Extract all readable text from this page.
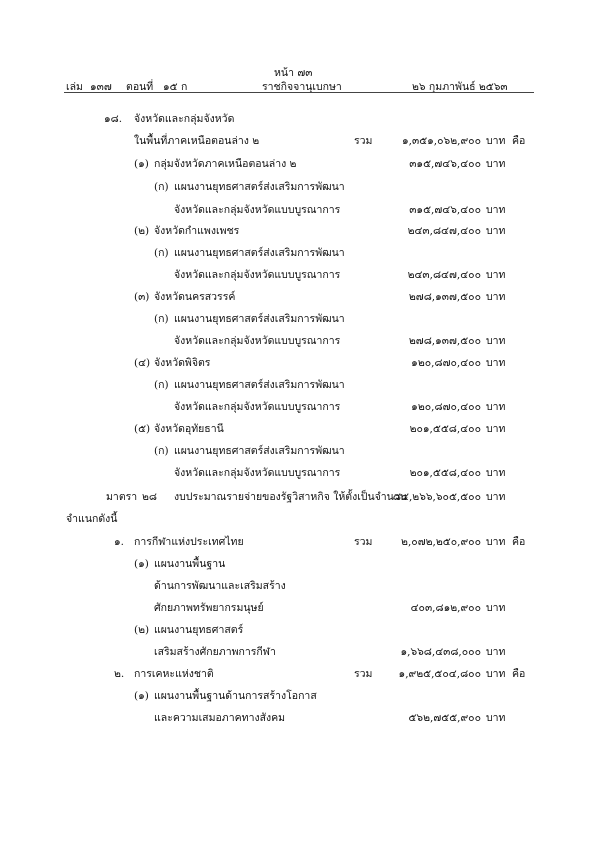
หน้า ๗๓
เล่ม ๑๓๗ ตอนที่ ๑๕ ก	ราชกิจจานุเบกษา	๒๖ กุมภาพันธ์ ๒๕๖๓
๑๘. จังหวัดและกลุ่มจังหวัด
ในพื้นที่ภาคเหนือตอนล่าง ๒	รวม	๑,๓๕๑,๐๖๒,๙๐๐ บาท คือ
(๑) กลุ่มจังหวัดภาคเหนือตอนล่าง ๒	๓๑๕,๗๔๖,๔๐๐ บาท
(ก) แผนงานยุทธศาสตร์ส่งเสริมการพัฒนา
จังหวัดและกลุ่มจังหวัดแบบบูรณาการ	๓๑๕,๗๔๖,๔๐๐ บาท
(๒) จังหวัดกำแพงเพชร	๒๔๓,๘๔๗,๔๐๐ บาท
(ก) แผนงานยุทธศาสตร์ส่งเสริมการพัฒนา
จังหวัดและกลุ่มจังหวัดแบบบูรณาการ	๒๔๓,๘๔๗,๔๐๐ บาท
(๓) จังหวัดนครสวรรค์	๒๗๘,๑๓๗,๕๐๐ บาท
(ก) แผนงานยุทธศาสตร์ส่งเสริมการพัฒนา
จังหวัดและกลุ่มจังหวัดแบบบูรณาการ	๒๗๘,๑๓๗,๕๐๐ บาท
(๔) จังหวัดพิจิตร	๑๒๐,๘๗๐,๔๐๐ บาท
(ก) แผนงานยุทธศาสตร์ส่งเสริมการพัฒนา
จังหวัดและกลุ่มจังหวัดแบบบูรณาการ	๑๒๐,๘๗๐,๔๐๐ บาท
(๕) จังหวัดอุทัยธานี	๒๐๑,๕๕๘,๔๐๐ บาท
(ก) แผนงานยุทธศาสตร์ส่งเสริมการพัฒนา
จังหวัดและกลุ่มจังหวัดแบบบูรณาการ	๒๐๑,๕๕๘,๔๐๐ บาท
มาตรา ๒๘ งบประมาณรายจ่ายของรัฐวิสาหกิจ ให้ตั้งเป็นจำนวน
๘๔,๒๖๖,๖๐๕,๕๐๐ บาท
จำแนกดังนี้
๑. การกีฬาแห่งประเทศไทย	รวม	๒,๐๗๒,๒๕๐,๙๐๐ บาท คือ
(๑) แผนงานพื้นฐาน
ด้านการพัฒนาและเสริมสร้าง
ศักยภาพทรัพยากรมนุษย์	๔๐๓,๘๑๒,๙๐๐ บาท
(๒) แผนงานยุทธศาสตร์
เสริมสร้างศักยภาพการกีฬา	๑,๖๖๘,๔๓๘,๐๐๐ บาท
๒. การเคหะแห่งชาติ	รวม ๑,๙๒๕,๕๐๔,๘๐๐ บาท คือ
(๑) แผนงานพื้นฐานด้านการสร้างโอกาส
และความเสมอภาคทางสังคม	๕๖๒,๗๕๕,๙๐๐ บาท
